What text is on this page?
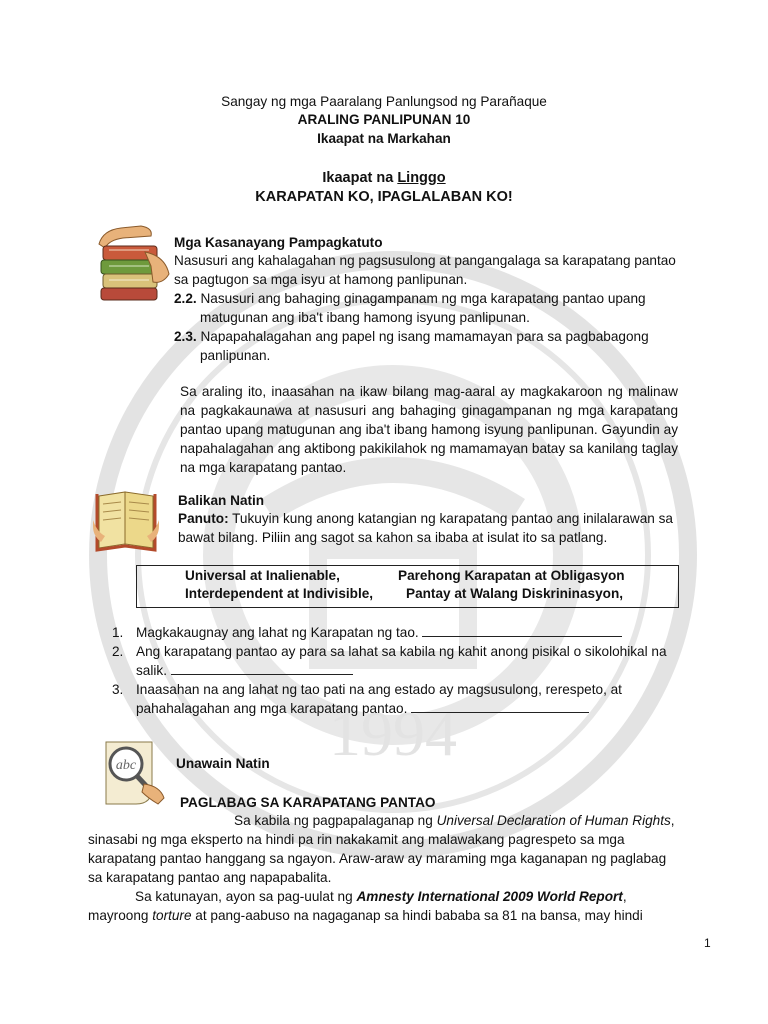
1994
Sangay ng mga Paaralang Panlungsod ng Parañaque
ARALING PANLIPUNAN 10
Ikaapat na Markahan
Ikaapat na Linggo
KARAPATAN KO, IPAGLALABAN KO!
Mga Kasanayang Pampagkatuto
Nasusuri ang kahalagahan ng pagsusulong at pangangalaga sa karapatang pantao
sa pagtugon sa mga isyu at hamong panlipunan.
2.2. Nasusuri ang bahaging ginagampanam ng mga karapatang pantao upang
matugunan ang iba't ibang hamong isyung panlipunan.
2.3. Napapahalagahan ang papel ng isang mamamayan para sa pagbabagong
panlipunan.
Sa araling ito, inaasahan na ikaw bilang mag-aaral ay magkakaroon ng malinaw na pagkakaunawa at nasusuri ang bahaging ginagampanan ng mga karapatang pantao upang matugunan ang iba't ibang hamong isyung panlipunan. Gayundin ay napahalagahan ang aktibong pakikilahok ng mamamayan batay sa kanilang taglay na mga karapatang pantao.
Balikan Natin
Panuto: Tukuyin kung anong katangian ng karapatang pantao ang inilalarawan sa
bawat bilang. Piliin ang sagot sa kahon sa ibaba at isulat ito sa patlang.
Universal at Inalienable,	Parehong Karapatan at Obligasyon
Interdependent at Indivisible, Pantay at Walang Diskrininasyon,
1. Magkakaugnay ang lahat ng Karapatan ng tao.
2. Ang karapatang pantao ay para sa lahat sa kabila ng kahit anong pisikal o sikolohikal na
salik.
3. Inaasahan na ang lahat ng tao pati na ang estado ay magsusulong, rerespeto, at
pahahalagahan ang mga karapatang pantao.
abc	Unawain Natin
PAGLABAG SA KARAPATANG PANTAO
Sa kabila ng pagpapalaganap ng Universal Declaration of Human Rights,
sinasabi ng mga eksperto na hindi pa rin nakakamit ang malawakang pagrespeto sa mga
karapatang pantao hanggang sa ngayon. Araw-araw ay maraming mga kaganapan ng paglabag
sa karapatang pantao ang napapabalita.
Sa katunayan, ayon sa pag-uulat ng Amnesty International 2009 World Report,
mayroong torture at pang-aabuso na nagaganap sa hindi bababa sa 81 na bansa, may hindi
1
